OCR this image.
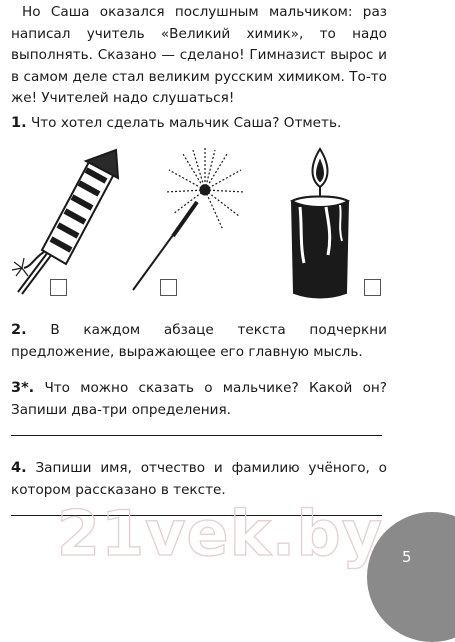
Но Саша оказался послушным мальчиком: раз написал учитель «Великий химик», то надо выполнять. Сказано — сделано! Гимназист вырос и в самом деле стал великим русским химиком. То-то же! Учителей надо слушаться!

1. Что хотел сделать мальчик Саша? Отметь.
2. В каждом абзаце текста подчеркни предложение, выражающее его главную мысль.
3*. Что можно сказать о мальчике? Какой он? Запиши два-три определения.
4. Запиши имя, отчество и фамилию учёного, о котором рассказано в тексте.
21vek.by	5
